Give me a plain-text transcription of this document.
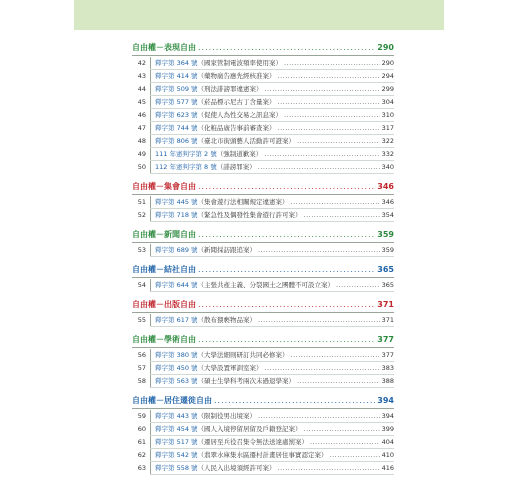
自由權－表現自由 .....	290
42	釋字第 364 號（國家管制電波頻率使用案） .....	290
43	釋字第 414 號（藥物廣告應先經核准案） .....	294
44	釋字第 509 號（刑法誹謗罪違憲案） .....	299
45	釋字第 577 號（菸品標示尼古丁含量案） .....	304
46	釋字第 623 號（促使人為性交易之訊息案） .....	310
47	釋字第 744 號（化粧品廣告事前審查案） .....	317
48	釋字第 806 號（臺北市街頭藝人活動許可證案） .....	322
49	111 年憲判字第 2 號（強制道歉案） .....	332
50	112 年憲判字第 8 號（誹謗罪案） .....	340
自由權－集會自由 .....	346
51	釋字第 445 號（集會遊行法相關規定違憲案） .....	346
52	釋字第 718 號（緊急性及偶發性集會遊行許可案） .....	354
自由權－新聞自由 .....	359
53	釋字第 689 號（新聞採訪跟追案） .....	359
自由權－結社自由 .....	365
54	釋字第 644 號（主張共產主義、分裂國土之團體不可設立案） .....	365
自由權－出版自由 .....	371
55	釋字第 617 號（散布猥褻物品案） .....	371
自由權－學術自由 .....	377
56	釋字第 380 號（大學法細則研訂共同必修案） .....	377
57	釋字第 450 號（大學設置軍訓室案） .....	383
58	釋字第 563 號（碩士生學科考兩次未過退學案） .....	388
自由權－居住遷徙自由 .....	394
59	釋字第 443 號（限制役男出境案） .....	394
60	釋字第 454 號（國人入境停留居留及戶籍登記案） .....	399
61	釋字第 517 號（遷居至兵役召集令無法送達處罰案） .....	404
62	釋字第 542 號（翡翠水庫集水區遷村計畫居住事實認定案） .....	410
63	釋字第 558 號（人民入出境須經許可案） .....	416
